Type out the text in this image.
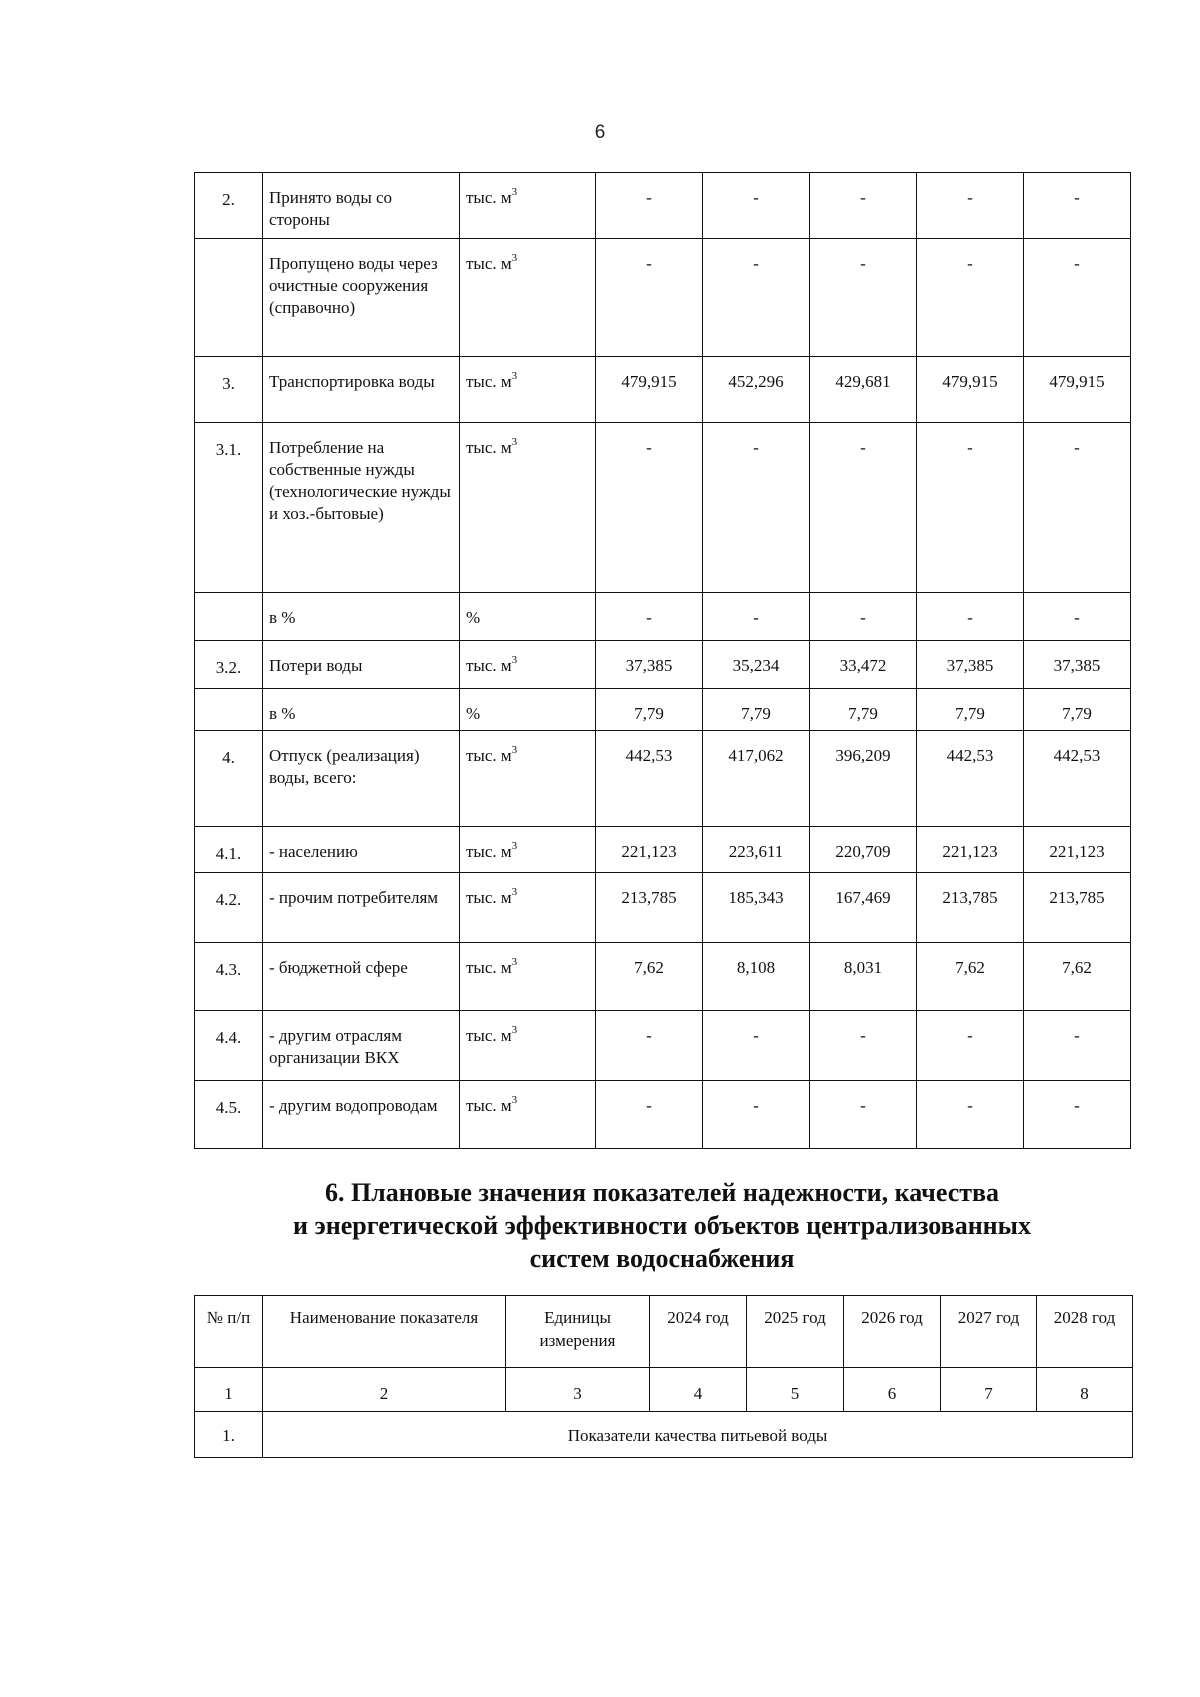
6
2.	Принято воды со стороны	тыс. $м^3$	-	-	-	-	-
	Пропущено воды через очистные сооружения (справочно)	тыс. $м^3$	-	-	-	-	-
3.	Транспортировка воды	тыс. $м^3$	479,915	452,296	429,681	479,915	479,915
3.1.	Потребление на собственные нужды (технологические нужды и хоз.-бытовые)	тыс. $м^3$	-	-	-	-	-
	в %	%	-	-	-	-	-
3.2.	Потери воды	тыс. $м^3$	37,385	35,234	33,472	37,385	37,385
	в %	%	7,79	7,79	7,79	7,79	7,79
4.	Отпуск (реализация) воды, всего:	тыс. $м^3$	442,53	417,062	396,209	442,53	442,53
4.1.	- населению	тыс. $м^3$	221,123	223,611	220,709	221,123	221,123
4.2.	- прочим потребителям	тыс. $м^3$	213,785	185,343	167,469	213,785	213,785
4.3.	- бюджетной сфере	тыс. $м^3$	7,62	8,108	8,031	7,62	7,62
4.4.	- другим отраслям организации ВКХ	тыс. $м^3$	-	-	-	-	-
4.5.	- другим водопроводам	тыс. $м^3$	-	-	-	-	-
6. Плановые значения показателей надежности, качества
и энергетической эффективности объектов централизованных
систем водоснабжения
№ п/п	Наименование показателя	Единицы измерения	2024 год	2025 год	2026 год	2027 год	2028 год
1	2	3	4	5	6	7	8
1.	Показатели качества питьевой воды						
